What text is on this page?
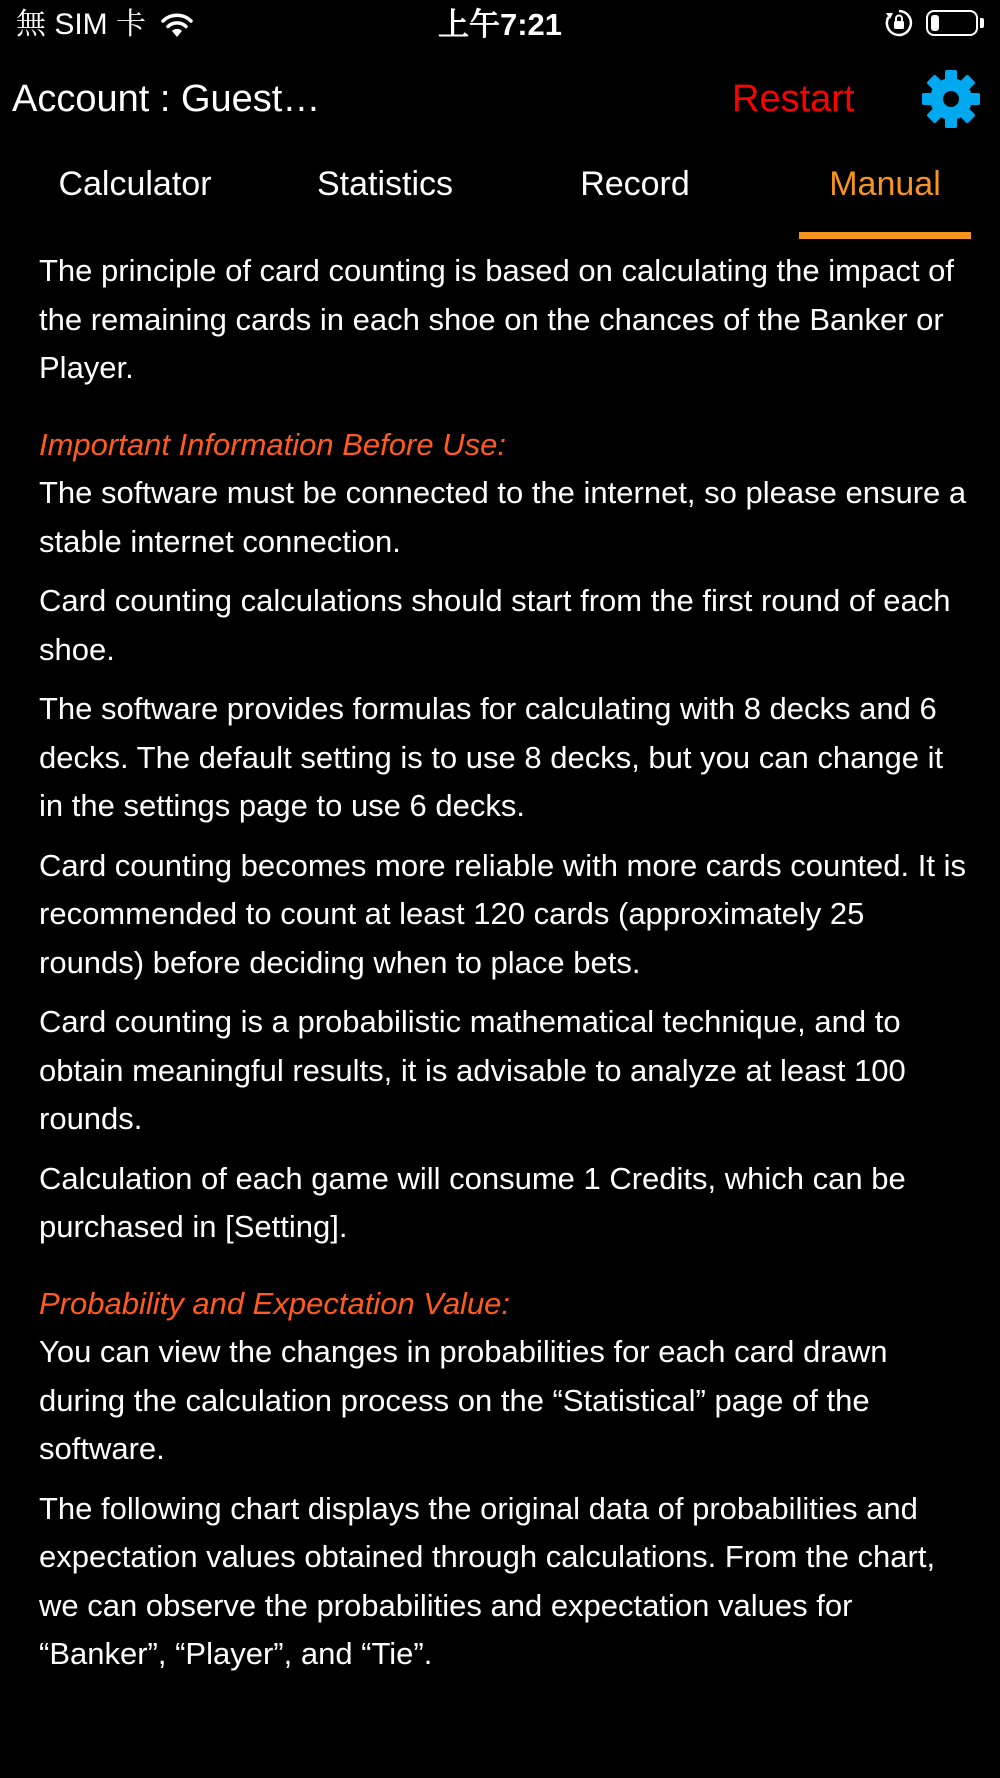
無 SIM 卡	上午7:21
Account : Guest…	Restart
Calculator	Statistics	Record	Manual

The principle of card counting is based on calculating the impact of the remaining cards in each shoe on the chances of the Banker or Player.

Important Information Before Use:

The software must be connected to the internet, so please ensure a stable internet connection.

Card counting calculations should start from the first round of each shoe.

The software provides formulas for calculating with 8 decks and 6 decks. The default setting is to use 8 decks, but you can change it in the settings page to use 6 decks.

Card counting becomes more reliable with more cards counted. It is recommended to count at least 120 cards (approximately 25 rounds) before deciding when to place bets.

Card counting is a probabilistic mathematical technique, and to obtain meaningful results, it is advisable to analyze at least 100 rounds.

Calculation of each game will consume 1 Credits, which can be purchased in [Setting].

Probability and Expectation Value:

You can view the changes in probabilities for each card drawn during the calculation process on the “Statistical” page of the software.

The following chart displays the original data of probabilities and expectation values obtained through calculations. From the chart, we can observe the probabilities and expectation values for “Banker”, “Player”, and “Tie”.
